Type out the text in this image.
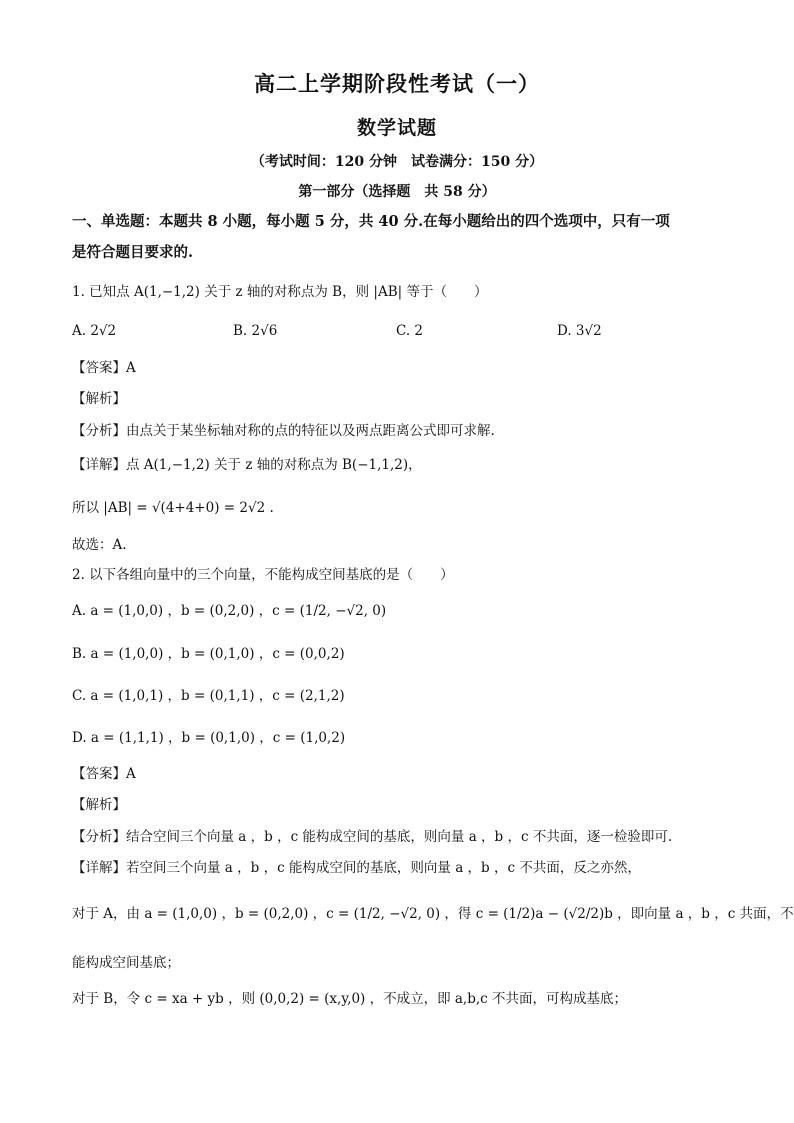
高二上学期阶段性考试（一）
数学试题
（考试时间：120 分钟　试卷满分：150 分）
第一部分（选择题　共 58 分）
一、单选题：本题共 8 小题，每小题 5 分，共 40 分.在每小题给出的四个选项中，只有一项
是符合题目要求的.
1. 已知点 A(1,−1,2) 关于 z 轴的对称点为 B，则 |AB| 等于（　　）
A. 2√2	B. 2√6	C. 2	D. 3√2
【答案】A
【解析】
【分析】由点关于某坐标轴对称的点的特征以及两点距离公式即可求解.
【详解】点 A(1,−1,2) 关于 z 轴的对称点为 B(−1,1,2)，
所以 |AB| = √(4+4+0) = 2√2 .
故选：A.
2. 以下各组向量中的三个向量，不能构成空间基底的是（　　）
A. a = (1,0,0) ，b = (0,2,0) ，c = (1/2, −√2, 0)
B. a = (1,0,0) ，b = (0,1,0) ，c = (0,0,2)
C. a = (1,0,1) ，b = (0,1,1) ，c = (2,1,2)
D. a = (1,1,1) ，b = (0,1,0) ，c = (1,0,2)
【答案】A
【解析】
【分析】结合空间三个向量 a ，b ，c 能构成空间的基底，则向量 a ，b ，c 不共面，逐一检验即可.
【详解】若空间三个向量 a ，b ，c 能构成空间的基底，则向量 a ，b ，c 不共面，反之亦然，
对于 A，由 a = (1,0,0) ，b = (0,2,0) ，c = (1/2, −√2, 0) ，得 c = (1/2)a − (√2/2)b ，即向量 a ，b ，c 共面，不
能构成空间基底；
对于 B，令 c = xa + yb ，则 (0,0,2) = (x,y,0) ，不成立，即 a,b,c 不共面，可构成基底；
